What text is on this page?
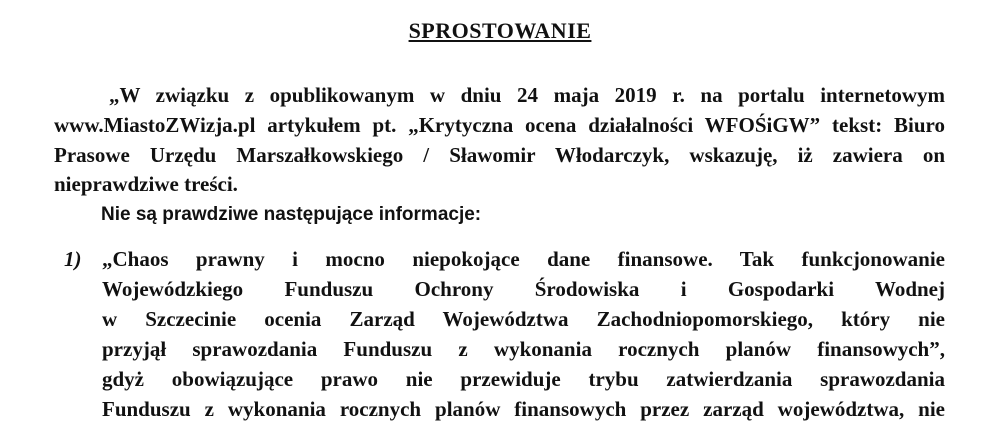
SPROSTOWANIE
„W związku z opublikowanym w dniu 24 maja 2019 r. na portalu internetowym
www.MiastoZWizja.pl artykułem pt. „Krytyczna ocena działalności WFOŚiGW” tekst: Biuro
Prasowe Urzędu Marszałkowskiego / Sławomir Włodarczyk, wskazuję, iż zawiera on
nieprawdziwe treści.
Nie są prawdziwe następujące informacje:
1) „Chaos prawny i mocno niepokojące dane finansowe. Tak funkcjonowanie
Wojewódzkiego Funduszu Ochrony Środowiska i Gospodarki Wodnej
w Szczecinie ocenia Zarząd Województwa Zachodniopomorskiego, który nie
przyjął sprawozdania Funduszu z wykonania rocznych planów finansowych”,
gdyż obowiązujące prawo nie przewiduje trybu zatwierdzania sprawozdania
Funduszu z wykonania rocznych planów finansowych przez zarząd województwa, nie
